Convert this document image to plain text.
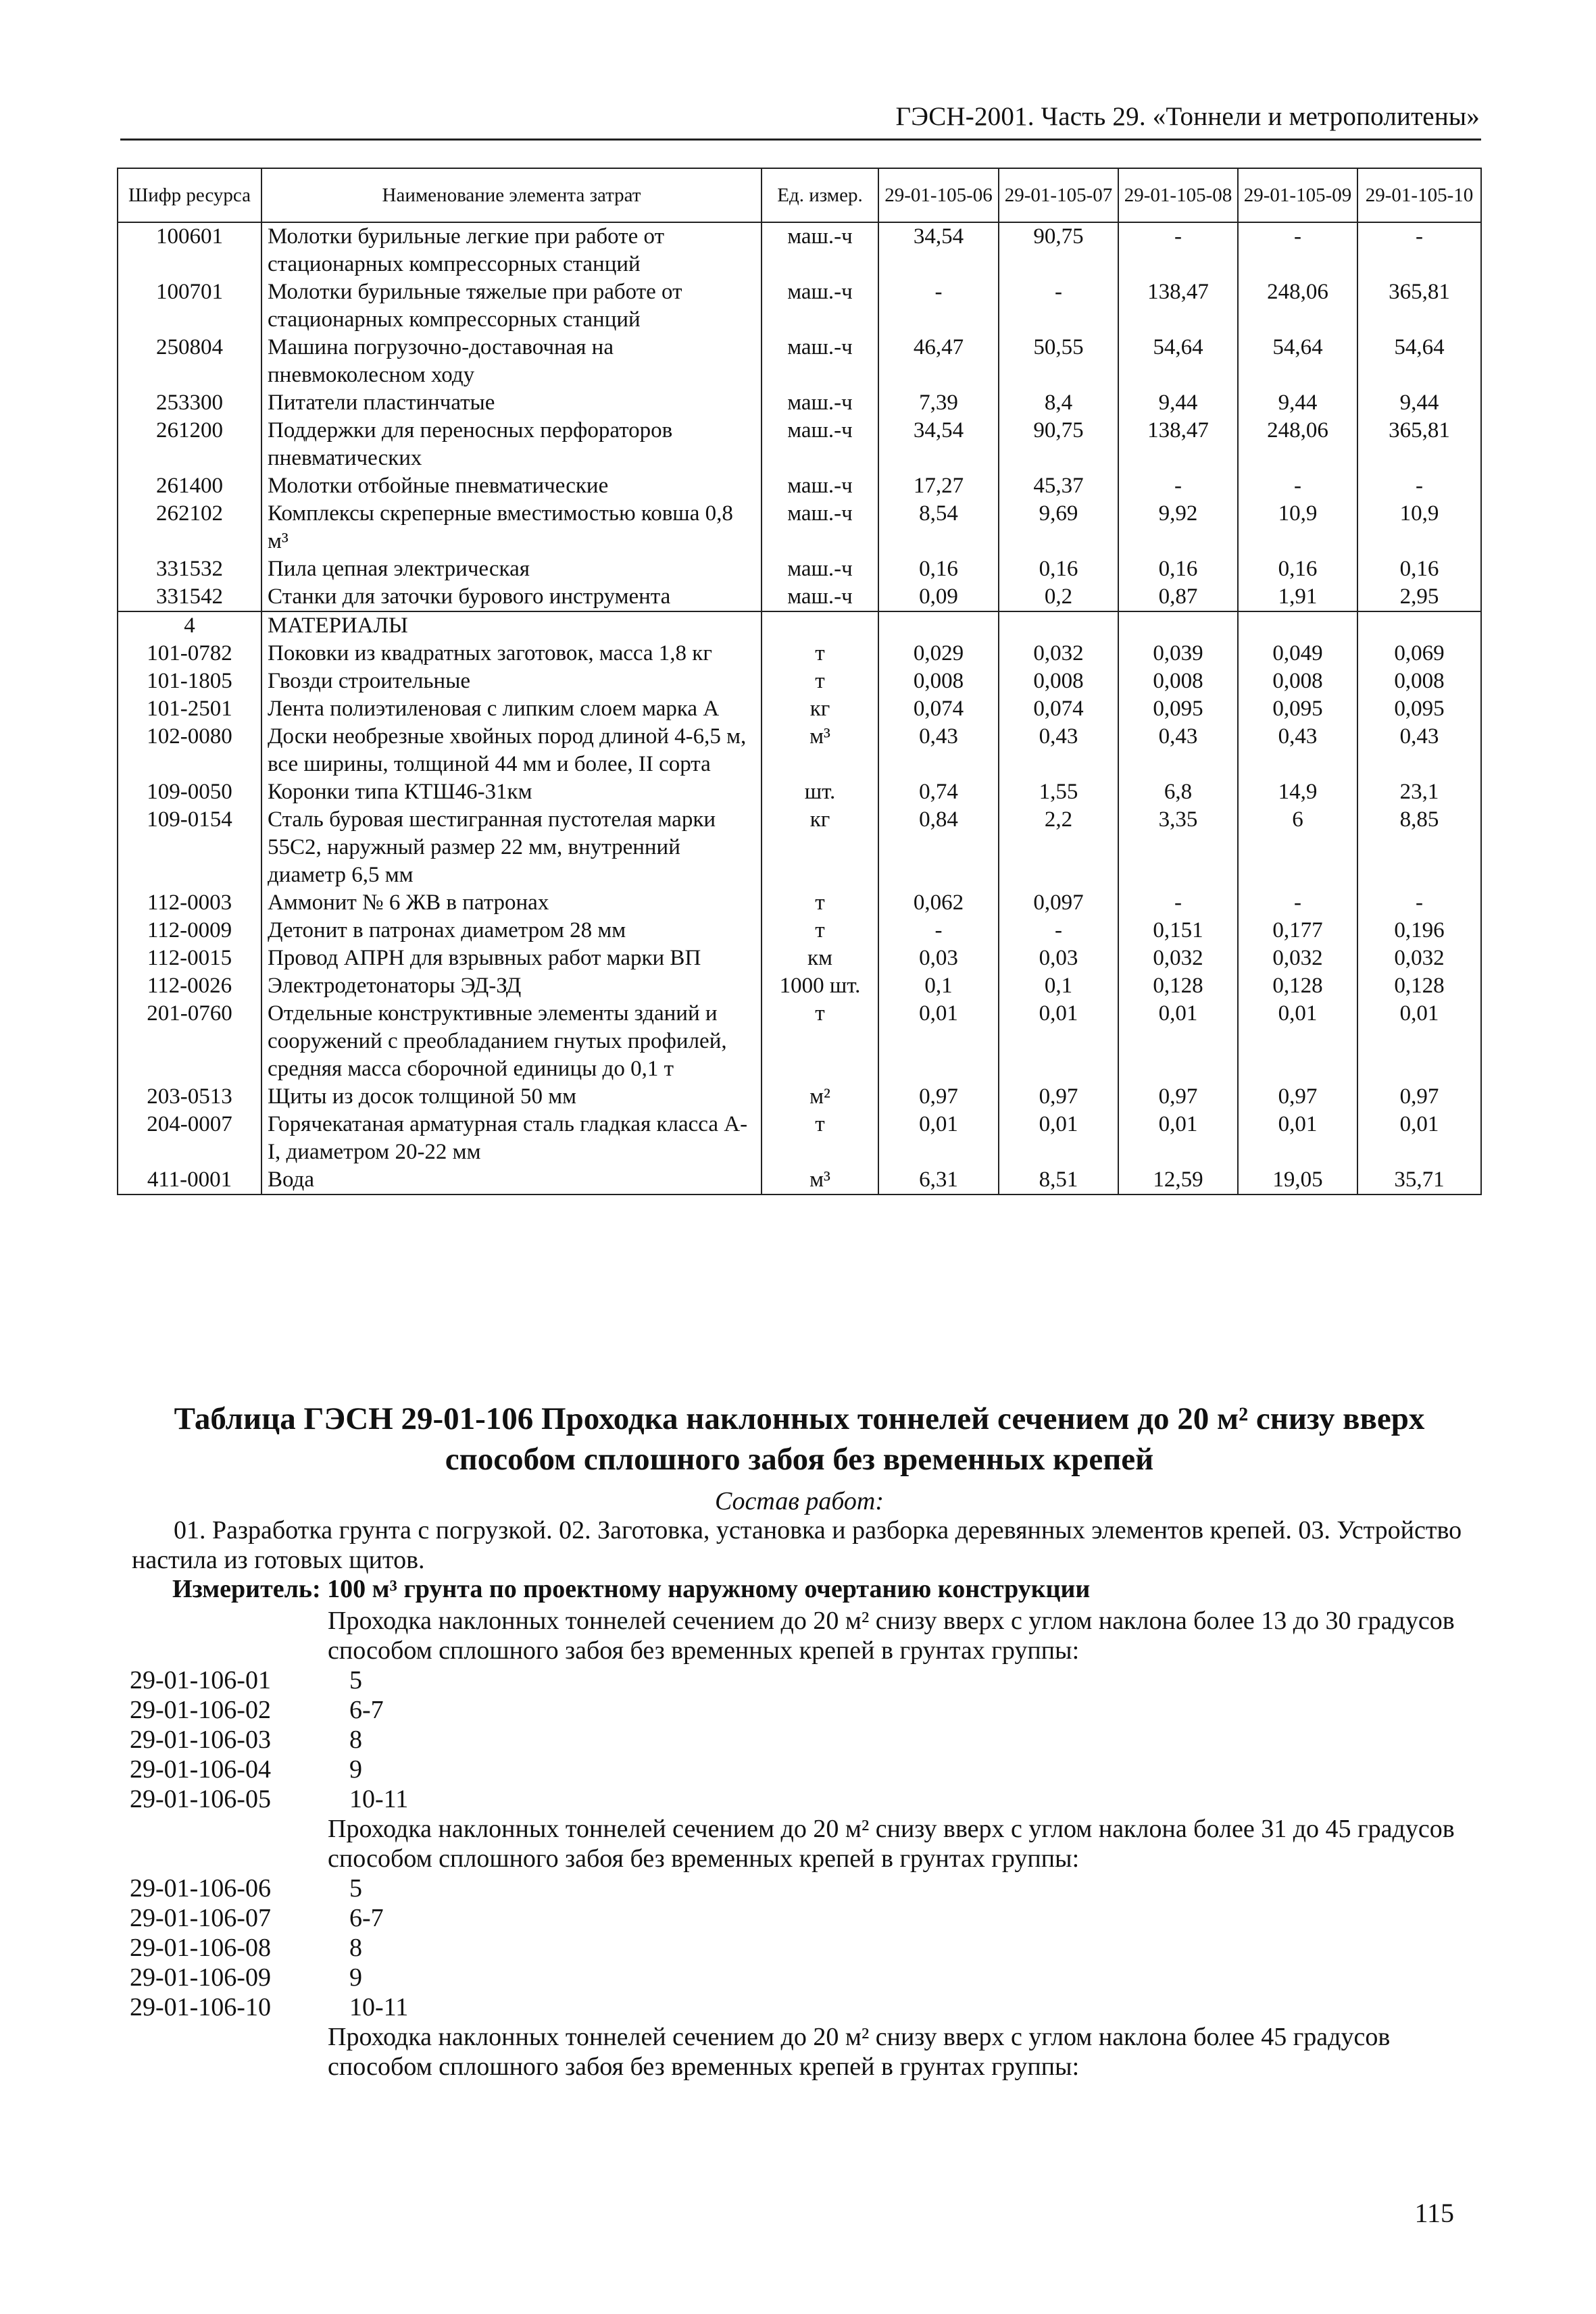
ГЭСН-2001. Часть 29. «Тоннели и метрополитены»
Шифр ресурса	Наименование элемента затрат	Ед. измер.	29-01-105-06	29-01-105-07	29-01-105-08	29-01-105-09	29-01-105-10
100601	Молотки бурильные легкие при работе от стационарных компрессорных станций	маш.-ч	34,54	90,75	-	-	-
100701	Молотки бурильные тяжелые при работе от стационарных компрессорных станций	маш.-ч	-	-	138,47	248,06	365,81
250804	Машина погрузочно-доставочная на пневмоколесном ходу	маш.-ч	46,47	50,55	54,64	54,64	54,64
253300	Питатели пластинчатые	маш.-ч	7,39	8,4	9,44	9,44	9,44
261200	Поддержки для переносных перфораторов пневматических	маш.-ч	34,54	90,75	138,47	248,06	365,81
261400	Молотки отбойные пневматические	маш.-ч	17,27	45,37	-	-	-
262102	Комплексы скреперные вместимостью ковша 0,8 м³	маш.-ч	8,54	9,69	9,92	10,9	10,9
331532	Пила цепная электрическая	маш.-ч	0,16	0,16	0,16	0,16	0,16
331542	Станки для заточки бурового инструмента	маш.-ч	0,09	0,2	0,87	1,91	2,95
4	МАТЕРИАЛЫ						
101-0782	Поковки из квадратных заготовок, масса 1,8 кг	т	0,029	0,032	0,039	0,049	0,069
101-1805	Гвозди строительные	т	0,008	0,008	0,008	0,008	0,008
101-2501	Лента полиэтиленовая с липким слоем марка А	кг	0,074	0,074	0,095	0,095	0,095
102-0080	Доски необрезные хвойных пород длиной 4-6,5 м, все ширины, толщиной 44 мм и более, II сорта	м³	0,43	0,43	0,43	0,43	0,43
109-0050	Коронки типа КТШ46-31км	шт.	0,74	1,55	6,8	14,9	23,1
109-0154	Сталь буровая шестигранная пустотелая марки 55С2, наружный размер 22 мм, внутренний диаметр 6,5 мм	кг	0,84	2,2	3,35	6	8,85
112-0003	Аммонит № 6 ЖВ в патронах	т	0,062	0,097	-	-	-
112-0009	Детонит в патронах диаметром 28 мм	т	-	-	0,151	0,177	0,196
112-0015	Провод АПРН для взрывных работ марки ВП	км	0,03	0,03	0,032	0,032	0,032
112-0026	Электродетонаторы ЭД-ЗД	1000 шт.	0,1	0,1	0,128	0,128	0,128
201-0760	Отдельные конструктивные элементы зданий и сооружений с преобладанием гнутых профилей, средняя масса сборочной единицы до 0,1 т	т	0,01	0,01	0,01	0,01	0,01
203-0513	Щиты из досок толщиной 50 мм	м²	0,97	0,97	0,97	0,97	0,97
204-0007	Горячекатаная арматурная сталь гладкая класса А-I, диаметром 20-22 мм	т	0,01	0,01	0,01	0,01	0,01
411-0001	Вода	м³	6,31	8,51	12,59	19,05	35,71
Таблица ГЭСН 29-01-106 Проходка наклонных тоннелей сечением до 20 м² снизу вверх способом сплошного забоя без временных крепей
Состав работ:
01. Разработка грунта с погрузкой. 02. Заготовка, установка и разборка деревянных элементов крепей. 03. Устройство настила из готовых щитов.
Измеритель: 100 м³ грунта по проектному наружному очертанию конструкции

Проходка наклонных тоннелей сечением до 20 м² снизу вверх с углом наклона более 13 до 30 градусов способом сплошного забоя без временных крепей в грунтах группы:

29-01-106-01	5
29-01-106-02	6-7
29-01-106-03	8
29-01-106-04	9
29-01-106-05	10-11

Проходка наклонных тоннелей сечением до 20 м² снизу вверх с углом наклона более 31 до 45 градусов способом сплошного забоя без временных крепей в грунтах группы:

29-01-106-06	5
29-01-106-07	6-7
29-01-106-08	8
29-01-106-09	9
29-01-106-10	10-11

Проходка наклонных тоннелей сечением до 20 м² снизу вверх с углом наклона более 45 градусов способом сплошного забоя без временных крепей в грунтах группы:

115
